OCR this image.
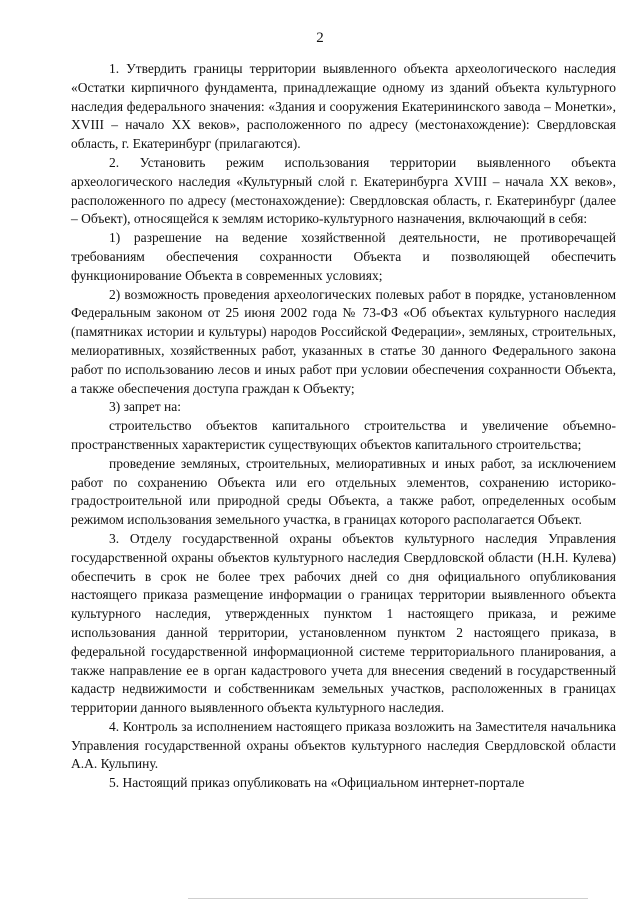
2

1. Утвердить границы территории выявленного объекта археологического наследия «Остатки кирпичного фундамента, принадлежащие одному из зданий объекта культурного наследия федерального значения: «Здания и сооружения Екатерининского завода – Монетки», XVIII – начало XX веков», расположенного по адресу (местонахождение): Свердловская область, г. Екатеринбург (прилагаются).

2. Установить режим использования территории выявленного объекта археологического наследия «Культурный слой г. Екатеринбурга XVIII – начала XX веков», расположенного по адресу (местонахождение): Свердловская область, г. Екатеринбург (далее – Объект), относящейся к землям историко-культурного назначения, включающий в себя:

1) разрешение на ведение хозяйственной деятельности, не противоречащей требованиям обеспечения сохранности Объекта и позволяющей обеспечить функционирование Объекта в современных условиях;

2) возможность проведения археологических полевых работ в порядке, установленном Федеральным законом от 25 июня 2002 года № 73-ФЗ «Об объектах культурного наследия (памятниках истории и культуры) народов Российской Федерации», земляных, строительных, мелиоративных, хозяйственных работ, указанных в статье 30 данного Федерального закона работ по использованию лесов и иных работ при условии обеспечения сохранности Объекта, а также обеспечения доступа граждан к Объекту;

3) запрет на:

строительство объектов капитального строительства и увеличение объемно-пространственных характеристик существующих объектов капитального строительства;

проведение земляных, строительных, мелиоративных и иных работ, за исключением работ по сохранению Объекта или его отдельных элементов, сохранению историко-градостроительной или природной среды Объекта, а также работ, определенных особым режимом использования земельного участка, в границах которого располагается Объект.

3. Отделу государственной охраны объектов культурного наследия Управления государственной охраны объектов культурного наследия Свердловской области (Н.Н. Кулева) обеспечить в срок не более трех рабочих дней со дня официального опубликования настоящего приказа размещение информации о границах территории выявленного объекта культурного наследия, утвержденных пунктом 1 настоящего приказа, и режиме использования данной территории, установленном пунктом 2 настоящего приказа, в федеральной государственной информационной системе территориального планирования, а также направление ее в орган кадастрового учета для внесения сведений в государственный кадастр недвижимости и собственникам земельных участков, расположенных в границах территории данного выявленного объекта культурного наследия.

4. Контроль за исполнением настоящего приказа возложить на Заместителя начальника Управления государственной охраны объектов культурного наследия Свердловской области А.А. Кульпину.

5. Настоящий приказ опубликовать на «Официальном интернет-портале
